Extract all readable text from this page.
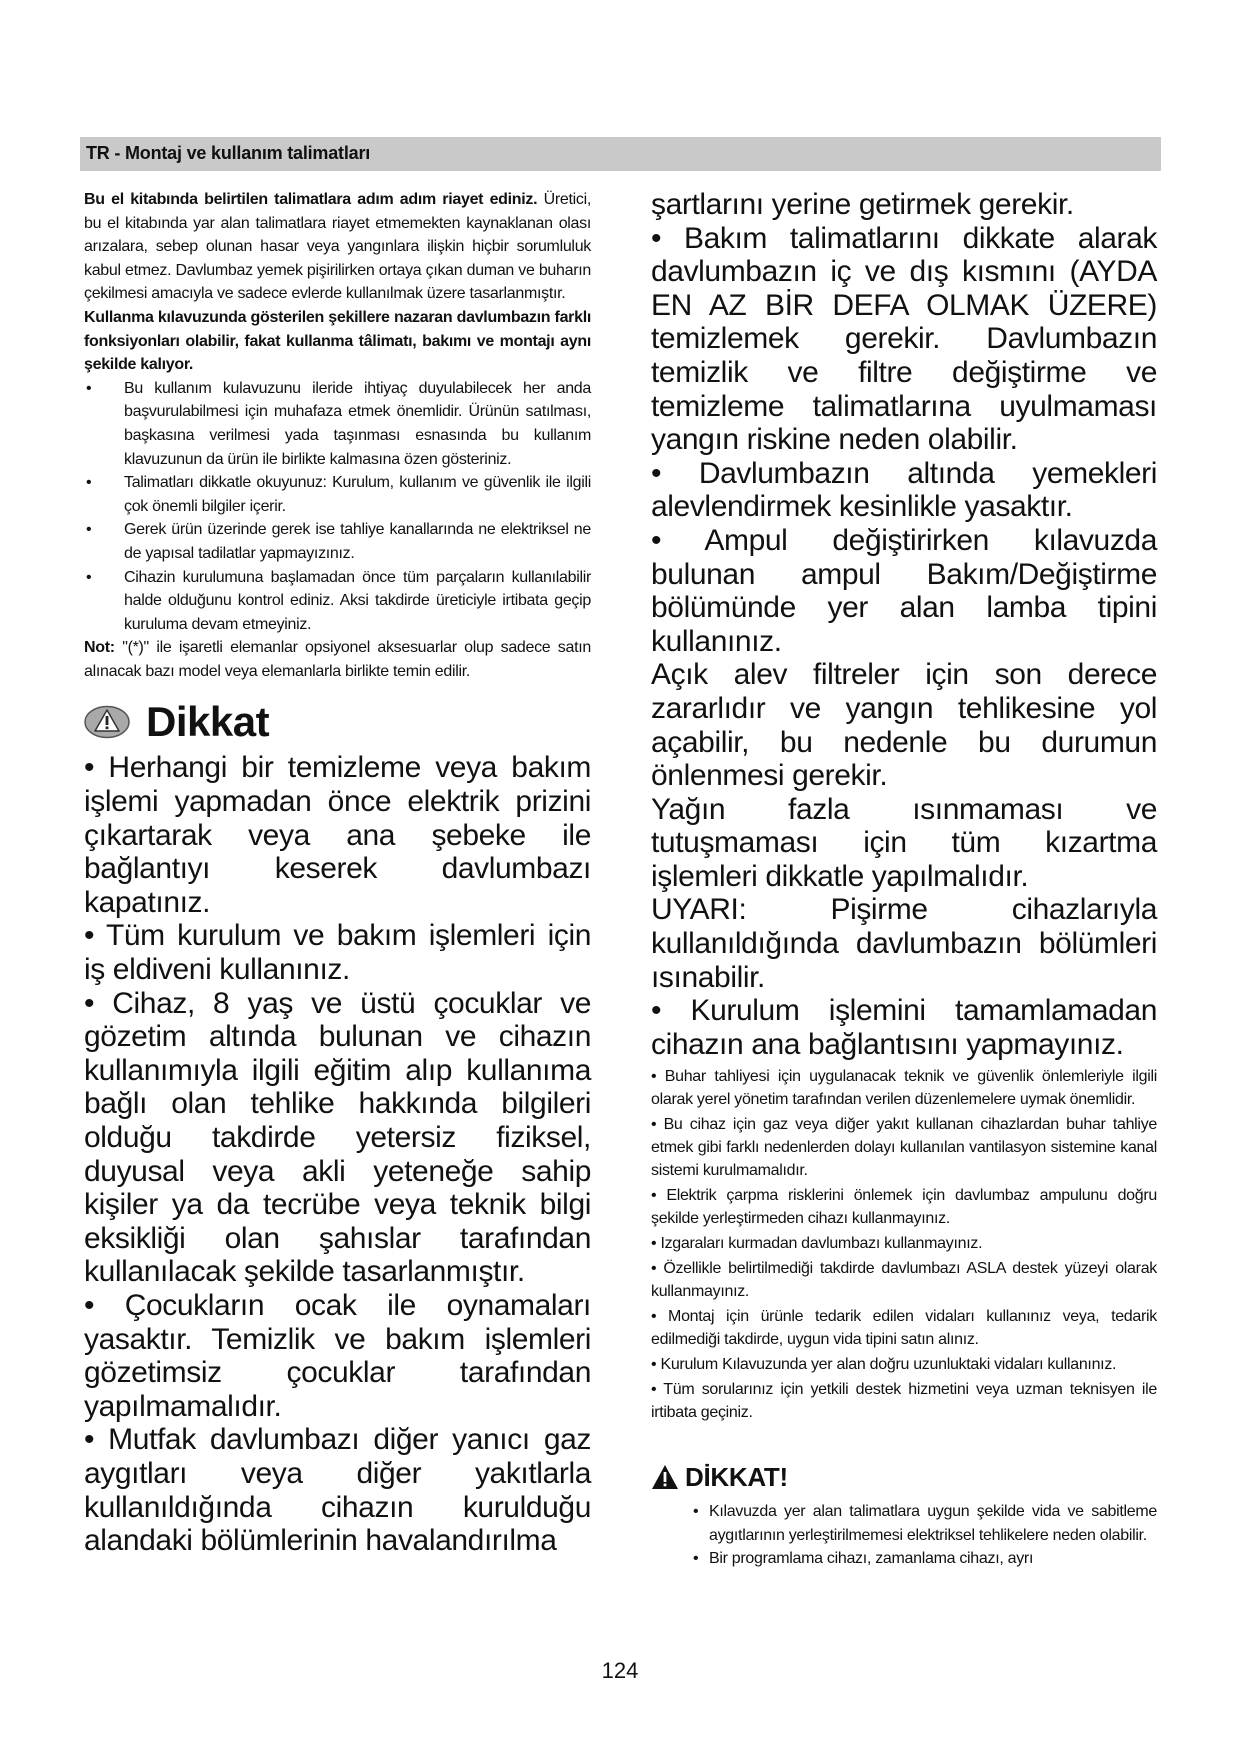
TR - Montaj ve kullanım talimatları

Bu el kitabında belirtilen talimatlara adım adım riayet ediniz. Üretici, bu el kitabında yar alan talimatlara riayet etmemekten kaynaklanan olası arızalara, sebep olunan hasar veya yangınlara ilişkin hiçbir sorumluluk kabul etmez. Davlumbaz yemek pişirilirken ortaya çıkan duman ve buharın çekilmesi amacıyla ve sadece evlerde kullanılmak üzere tasarlanmıştır.

Kullanma kılavuzunda gösterilen şekillere nazaran davlumbazın farklı fonksiyonları olabilir, fakat kullanma tâlimatı, bakımı ve montajı aynı şekilde kalıyor.

• Bu kullanım kulavuzunu ileride ihtiyaç duyulabilecek her anda başvurulabilmesi için muhafaza etmek önemlidir. Ürünün satılması, başkasına verilmesi yada taşınması esnasında bu kullanım klavuzunun da ürün ile birlikte kalmasına özen gösteriniz.
• Talimatları dikkatle okuyunuz: Kurulum, kullanım ve güvenlik ile ilgili çok önemli bilgiler içerir.
• Gerek ürün üzerinde gerek ise tahliye kanallarında ne elektriksel ne de yapısal tadilatlar yapmayızınız.
• Cihazin kurulumuna başlamadan önce tüm parçaların kullanılabilir halde olduğunu kontrol ediniz. Aksi takdirde üreticiyle irtibata geçip kuruluma devam etmeyiniz.

Not: "(*)" ile işaretli elemanlar opsiyonel aksesuarlar olup sadece satın alınacak bazı model veya elemanlarla birlikte temin edilir.

Dikkat

• Herhangi bir temizleme veya bakım işlemi yapmadan önce elektrik prizini çıkartarak veya ana şebeke ile bağlantıyı keserek davlumbazı kapatınız.

• Tüm kurulum ve bakım işlemleri için iş eldiveni kullanınız.

• Cihaz, 8 yaş ve üstü çocuklar ve gözetim altında bulunan ve cihazın kullanımıyla ilgili eğitim alıp kullanıma bağlı olan tehlike hakkında bilgileri olduğu takdirde yetersiz fiziksel, duyusal veya akli yeteneğe sahip kişiler ya da tecrübe veya teknik bilgi eksikliği olan şahıslar tarafından kullanılacak şekilde tasarlanmıştır.

• Çocukların ocak ile oynamaları yasaktır. Temizlik ve bakım işlemleri gözetimsiz çocuklar tarafından yapılmamalıdır.

• Mutfak davlumbazı diğer yanıcı gaz aygıtları veya diğer yakıtlarla kullanıldığında cihazın kurulduğu alandaki bölümlerinin havalandırılma

şartlarını yerine getirmek gerekir.

• Bakım talimatlarını dikkate alarak davlumbazın iç ve dış kısmını (AYDA EN AZ BİR DEFA OLMAK ÜZERE) temizlemek gerekir. Davlumbazın temizlik ve filtre değiştirme ve temizleme talimatlarına uyulmaması yangın riskine neden olabilir.

• Davlumbazın altında yemekleri alevlendirmek kesinlikle yasaktır.

• Ampul değiştirirken kılavuzda bulunan ampul Bakım/Değiştirme bölümünde yer alan lamba tipini kullanınız.

Açık alev filtreler için son derece zararlıdır ve yangın tehlikesine yol açabilir, bu nedenle bu durumun önlenmesi gerekir.

Yağın fazla ısınmaması ve tutuşmaması için tüm kızartma işlemleri dikkatle yapılmalıdır.

UYARI: Pişirme cihazlarıyla kullanıldığında davlumbazın bölümleri ısınabilir.

• Kurulum işlemini tamamlamadan cihazın ana bağlantısını yapmayınız.

• Buhar tahliyesi için uygulanacak teknik ve güvenlik önlemleriyle ilgili olarak yerel yönetim tarafından verilen düzenlemelere uymak önemlidir.

• Bu cihaz için gaz veya diğer yakıt kullanan cihazlardan buhar tahliye etmek gibi farklı nedenlerden dolayı kullanılan vantilasyon sistemine kanal sistemi kurulmamalıdır.

• Elektrik çarpma risklerini önlemek için davlumbaz ampulunu doğru şekilde yerleştirmeden cihazı kullanmayınız.

• Izgaraları kurmadan davlumbazı kullanmayınız.

• Özellikle belirtilmediği takdirde davlumbazı ASLA destek yüzeyi olarak kullanmayınız.

• Montaj için ürünle tedarik edilen vidaları kullanınız veya, tedarik edilmediği takdirde, uygun vida tipini satın alınız.

• Kurulum Kılavuzunda yer alan doğru uzunluktaki vidaları kullanınız.

• Tüm sorularınız için yetkili destek hizmetini veya uzman teknisyen ile irtibata geçiniz.

DİKKAT!
• Kılavuzda yer alan talimatlara uygun şekilde vida ve sabitleme aygıtlarının yerleştirilmemesi elektriksel tehlikelere neden olabilir.
• Bir programlama cihazı, zamanlama cihazı, ayrı
124
